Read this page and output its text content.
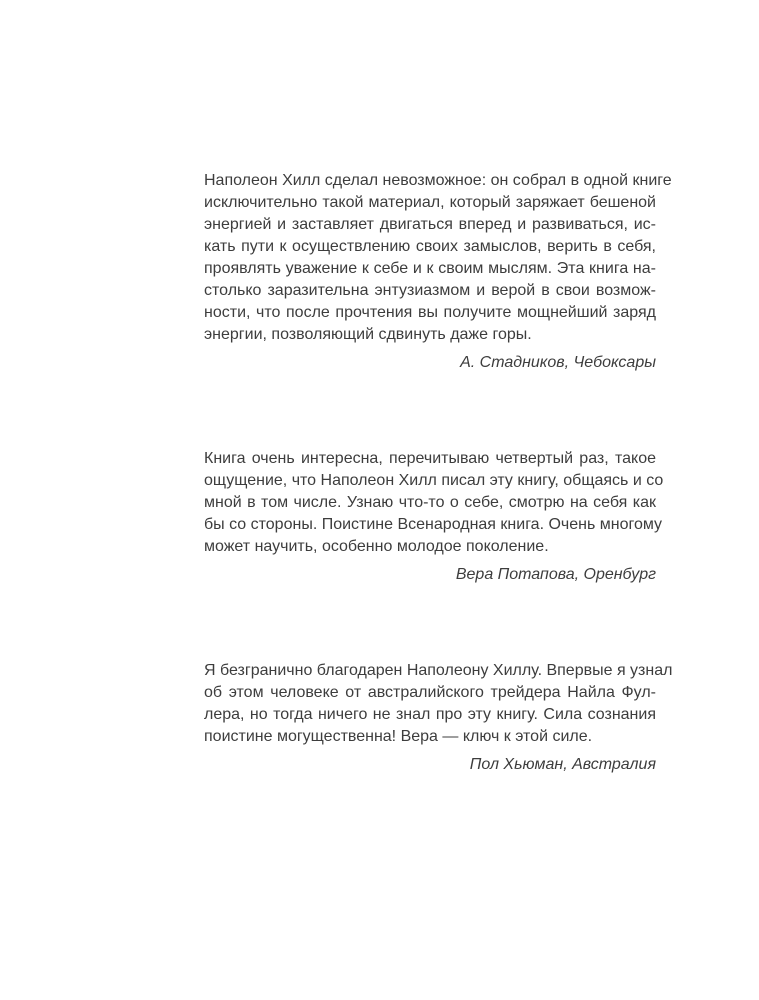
Наполеон Хилл сделал невозможное: он собрал в одной книге
исключительно такой материал, который заряжает бешеной
энергией и заставляет двигаться вперед и развиваться, ис-
кать пути к осуществлению своих замыслов, верить в себя,
проявлять уважение к себе и к своим мыслям. Эта книга на-
столько заразительна энтузиазмом и верой в свои возмож-
ности, что после прочтения вы получите мощнейший заряд
энергии, позволяющий сдвинуть даже горы.

А. Стадников, Чебоксары

Книга очень интересна, перечитываю четвертый раз, такое
ощущение, что Наполеон Хилл писал эту книгу, общаясь и со
мной в том числе. Узнаю что-то о себе, смотрю на себя как
бы со стороны. Поистине Всенародная книга. Очень многому
может научить, особенно молодое поколение.

Вера Потапова, Оренбург

Я безгранично благодарен Наполеону Хиллу. Впервые я узнал
об этом человеке от австралийского трейдера Найла Фул-
лера, но тогда ничего не знал про эту книгу. Сила сознания
поистине могущественна! Вера — ключ к этой силе.

Пол Хьюман, Австралия
